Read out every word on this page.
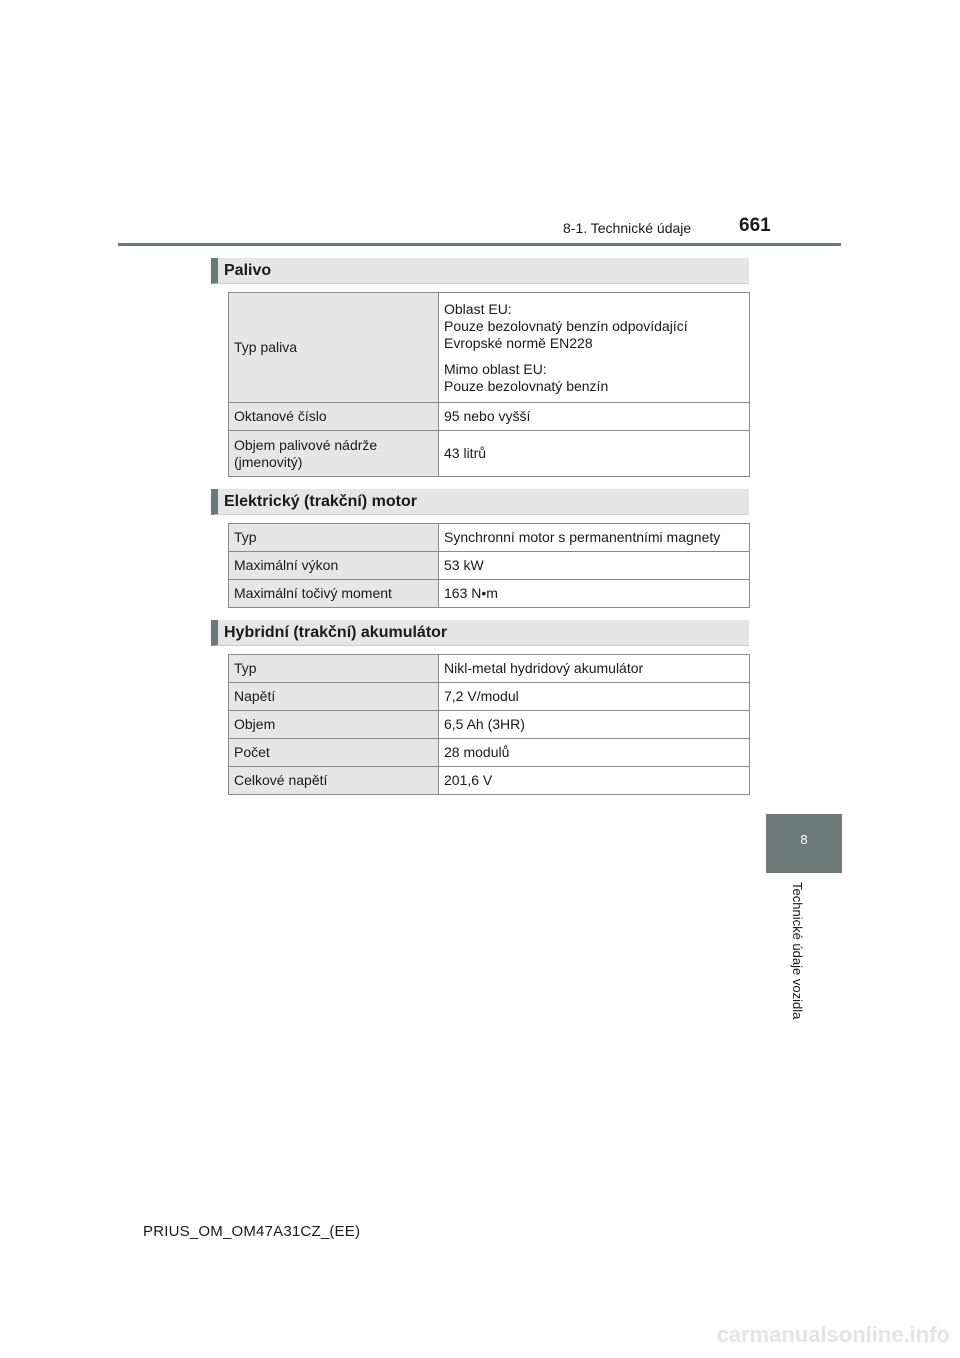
8-1. Technické údaje	661
8
Technické údaje vozidla
Palivo
Typ paliva	Oblast EU:
Pouze bezolovnatý benzín odpovídající
Evropské normě EN228

Mimo oblast EU:
Pouze bezolovnatý benzín

Oktanové číslo	95 nebo vyšší
Objem palivové nádrže
(jmenovitý)	43 litrů
Elektrický (trakční) motor
Typ	Synchronní motor s permanentními magnety
Maximální výkon	53 kW
Maximální točivý moment	163 N•m
Hybridní (trakční) akumulátor
Typ	Nikl-metal hydridový akumulátor
Napětí	7,2 V/modul
Objem	6,5 Ah (3HR)
Počet	28 modulů
Celkové napětí	201,6 V
PRIUS_OM_OM47A31CZ_(EE)
carmanualsonline.info
